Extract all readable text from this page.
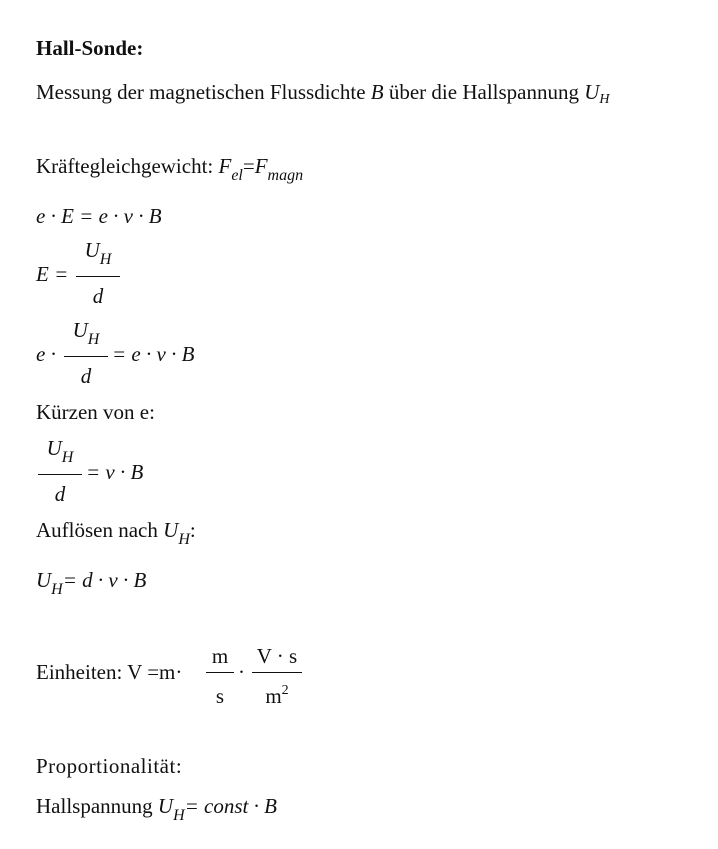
Hall-Sonde:
Messung der magnetischen Flussdichte B über die Hallspannung UH
Kräftegleichgewicht: $F_{el}=F_{magn}$
e · E = e · v · B
E =
$U_H$
d
e ·
$U_H$
d
= e · v · B
Kürzen von e:
$U_H$
d
= v · B
Auflösen nach $U_H$:
$U_H= d \cdot v \cdot B$
Einheiten: V =m·
m
s
·
V · s
$m^2$
Proportionalität:
Hallspannung $U_H=$ const · B
